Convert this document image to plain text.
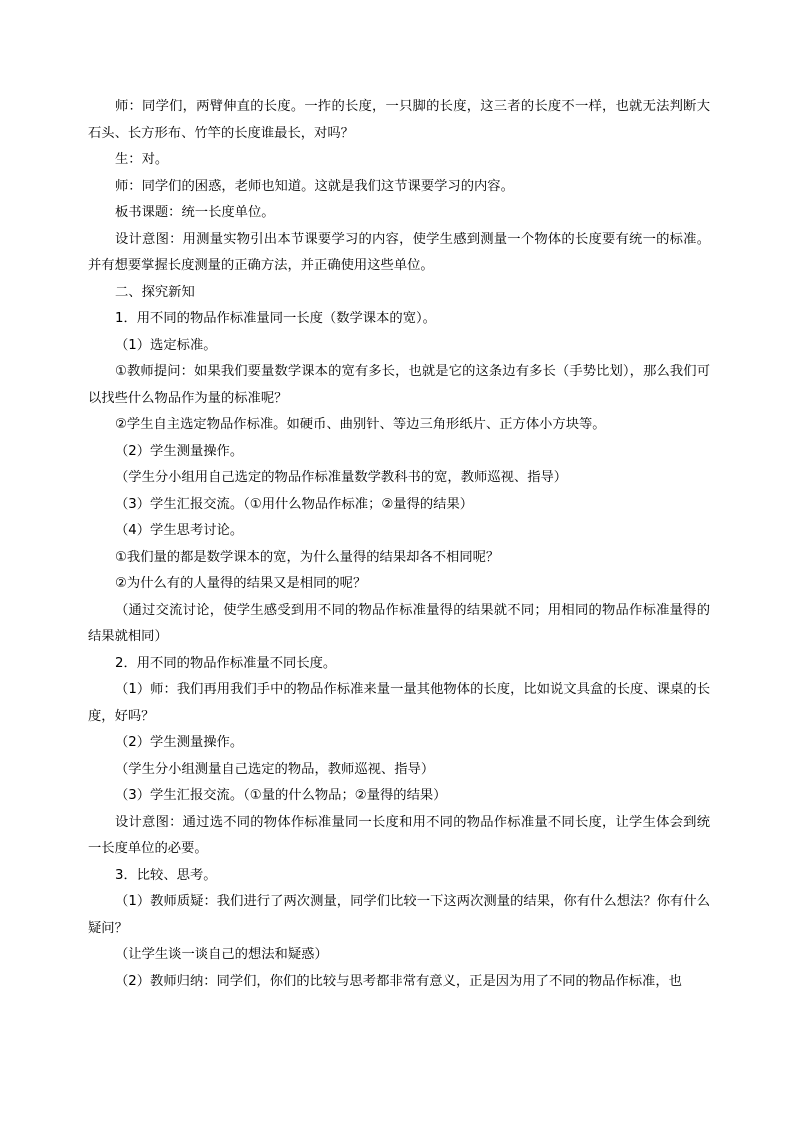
师：同学们，两臂伸直的长度。一拃的长度，一只脚的长度，这三者的长度不一样，也就无法判断大石头、长方形布、竹竿的长度谁最长，对吗？

生：对。

师：同学们的困惑，老师也知道。这就是我们这节课要学习的内容。

板书课题：统一长度单位。

设计意图：用测量实物引出本节课要学习的内容，使学生感到测量一个物体的长度要有统一的标准。并有想要掌握长度测量的正确方法，并正确使用这些单位。

二、探究新知

1．用不同的物品作标准量同一长度（数学课本的宽）。

（1）选定标准。

①教师提问：如果我们要量数学课本的宽有多长，也就是它的这条边有多长（手势比划），那么我们可以找些什么物品作为量的标准呢？

②学生自主选定物品作标准。如硬币、曲别针、等边三角形纸片、正方体小方块等。

（2）学生测量操作。

（学生分小组用自己选定的物品作标准量数学教科书的宽，教师巡视、指导）

（3）学生汇报交流。（①用什么物品作标准；②量得的结果）

（4）学生思考讨论。

①我们量的都是数学课本的宽，为什么量得的结果却各不相同呢？

②为什么有的人量得的结果又是相同的呢？

（通过交流讨论，使学生感受到用不同的物品作标准量得的结果就不同；用相同的物品作标准量得的结果就相同）

2．用不同的物品作标准量不同长度。

（1）师：我们再用我们手中的物品作标准来量一量其他物体的长度，比如说文具盒的长度、课桌的长度，好吗？

（2）学生测量操作。

（学生分小组测量自己选定的物品，教师巡视、指导）

（3）学生汇报交流。（①量的什么物品；②量得的结果）

设计意图：通过选不同的物体作标准量同一长度和用不同的物品作标准量不同长度，让学生体会到统一长度单位的必要。

3．比较、思考。

（1）教师质疑：我们进行了两次测量，同学们比较一下这两次测量的结果，你有什么想法？你有什么疑问？

（让学生谈一谈自己的想法和疑惑）

（2）教师归纳：同学们，你们的比较与思考都非常有意义，正是因为用了不同的物品作标准，也
